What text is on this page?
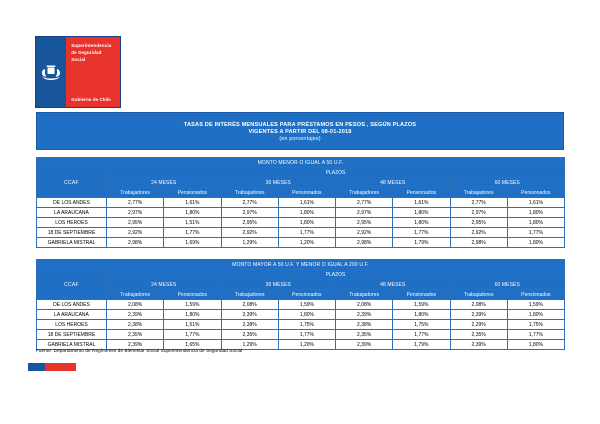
Superintendencia
de Seguridad
Social
Gobierno de Chile
TASAS DE INTERÉS MENSUALES PARA PRÉSTAMOS EN PESOS , SEGÚN PLAZOS
VIGENTES A PARTIR DEL 08-01-2018
(en porcentajes)
MONTO MENOR O IGUAL A 50 U.F.								
CCAF	PLAZOS							
	24 MESES		36 MESES		48 MESES		60 MESES	
	Trabajadores	Pensionados	Trabajadores	Pensionados	Trabajadores	Pensionados	Trabajadores	Pensionados
DE LOS ANDES	2,77%	1,61%	2,77%	1,61%	2,77%	1,61%	2,77%	1,61%
LA ARAUCANA	2,97%	1,80%	2,97%	1,80%	2,97%	1,80%	2,97%	1,80%
LOS HEROES	2,95%	1,51%	2,95%	1,80%	2,95%	1,80%	2,95%	1,80%
18 DE SEPTIEMBRE	2,92%	1,77%	2,92%	1,77%	2,92%	1,77%	2,92%	1,77%
GABRIELA MISTRAL	2,98%	1,69%	1,29%	1,20%	2,98%	1,79%	2,98%	1,80%
MONTO MAYOR A 50 U.F. Y MENOR O IGUAL A 200 U.F.								
CCAF	PLAZOS							
	24 MESES		36 MESES		48 MESES		60 MESES	
	Trabajadores	Pensionados	Trabajadores	Pensionados	Trabajadores	Pensionados	Trabajadores	Pensionados
DE LOS ANDES	2,08%	1,59%	2,08%	1,59%	2,08%	1,59%	2,08%	1,59%
LA ARAUCANA	2,39%	1,80%	2,39%	1,80%	2,39%	1,80%	2,39%	1,80%
LOS HEROES	2,38%	1,51%	2,38%	1,75%	2,38%	1,75%	2,29%	1,75%
18 DE SEPTIEMBRE	2,35%	1,77%	2,35%	1,77%	2,35%	1,77%	2,35%	1,77%
GABRIELA MISTRAL	2,39%	1,65%	1,29%	1,20%	2,39%	1,79%	2,39%	1,80%
Fuente: Departamento de Regímenes de Bienestar Social Superintendencia de Seguridad Social
